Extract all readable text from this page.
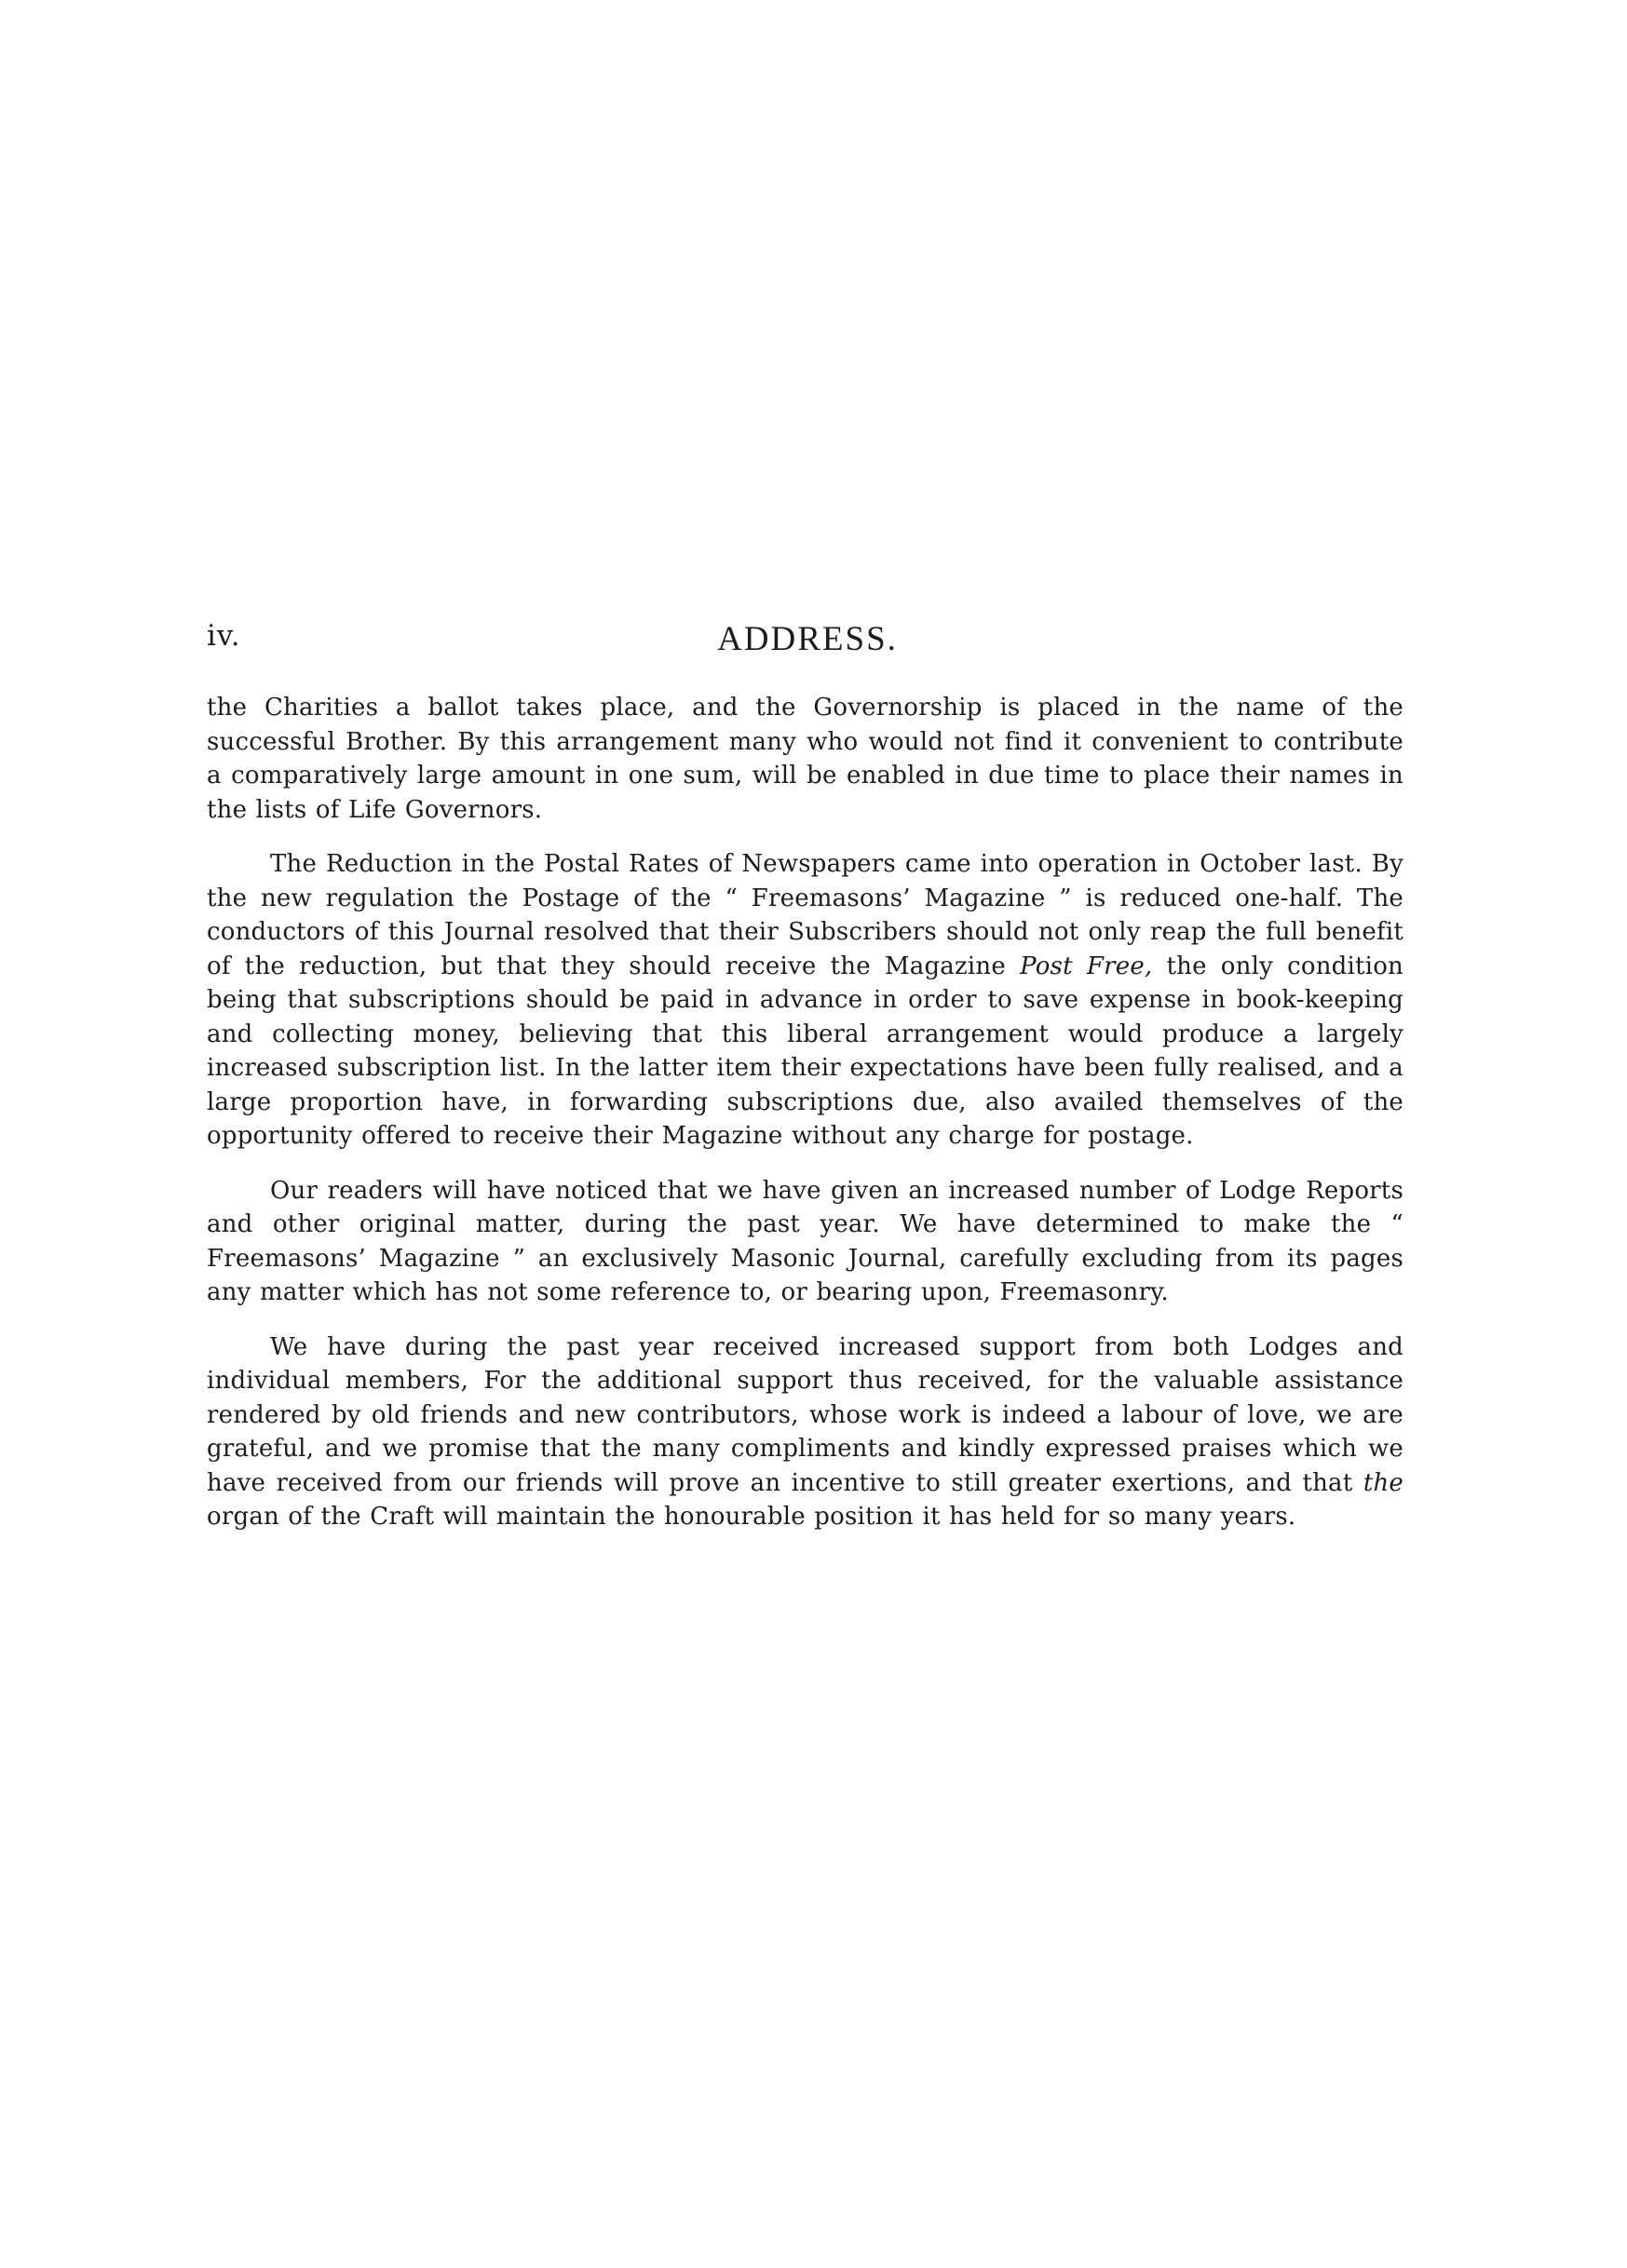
iv.	ADDRESS.

the Charities a ballot takes place, and the Governorship is placed in the name of the successful Brother. By this arrangement many who would not find it convenient to contribute a comparatively large amount in one sum, will be enabled in due time to place their names in the lists of Life Governors.

The Reduction in the Postal Rates of Newspapers came into operation in October last. By the new regulation the Postage of the “ Freemasons’ Magazine ” is reduced one-half. The conductors of this Journal resolved that their Subscribers should not only reap the full benefit of the reduction, but that they should receive the Magazine Post Free, the only condition being that subscriptions should be paid in advance in order to save expense in book-keeping and collecting money, believing that this liberal arrangement would produce a largely increased subscription list. In the latter item their expectations have been fully realised, and a large proportion have, in forwarding subscriptions due, also availed themselves of the opportunity offered to receive their Magazine without any charge for postage.

Our readers will have noticed that we have given an increased number of Lodge Reports and other original matter, during the past year. We have determined to make the “ Freemasons’ Magazine ” an exclusively Masonic Journal, carefully excluding from its pages any matter which has not some reference to, or bearing upon, Freemasonry.

We have during the past year received increased support from both Lodges and individual members, For the additional support thus received, for the valuable assistance rendered by old friends and new contributors, whose work is indeed a labour of love, we are grateful, and we promise that the many compliments and kindly expressed praises which we have received from our friends will prove an incentive to still greater exertions, and that the organ of the Craft will maintain the honourable position it has held for so many years.
